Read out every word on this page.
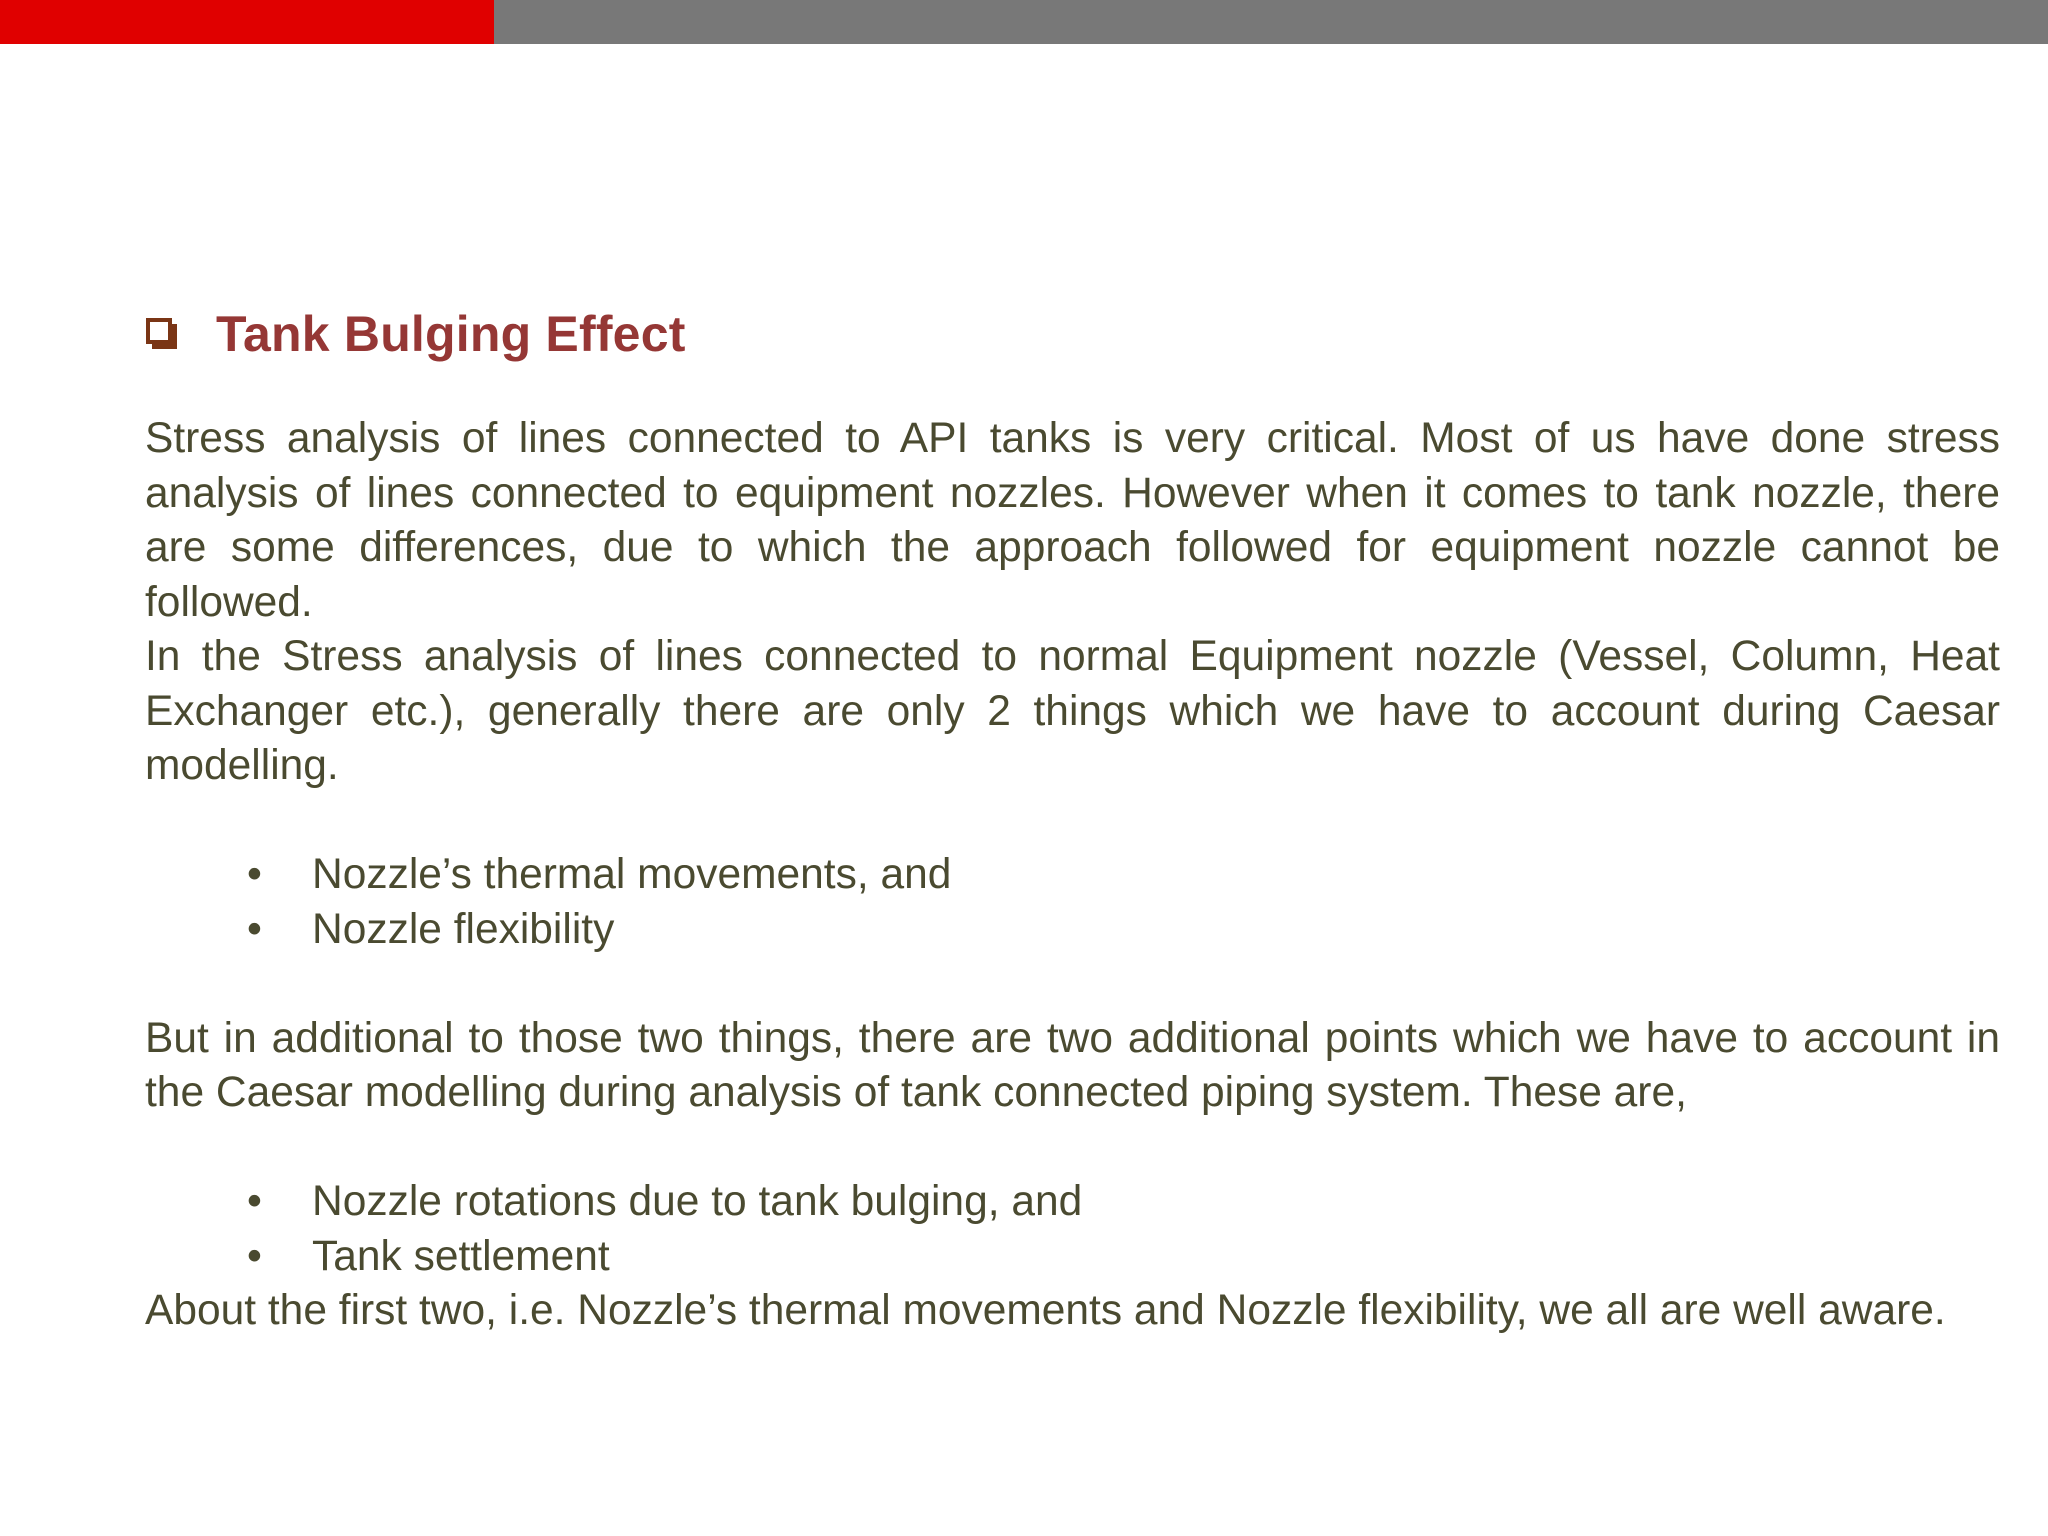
Tank Bulging Effect

Stress analysis of lines connected to API tanks is very critical. Most of us have done stress analysis of lines connected to equipment nozzles. However when it comes to tank nozzle, there are some differences, due to which the approach followed for equipment nozzle cannot be followed.

In the Stress analysis of lines connected to normal Equipment nozzle (Vessel, Column, Heat Exchanger etc.), generally there are only 2 things which we have to account during Caesar modelling.

• Nozzle’s thermal movements, and
• Nozzle flexibility

But in additional to those two things, there are two additional points which we have to account in the Caesar modelling during analysis of tank connected piping system. These are,

• Nozzle rotations due to tank bulging, and
• Tank settlement

About the first two, i.e. Nozzle’s thermal movements and Nozzle flexibility, we all are well aware.
